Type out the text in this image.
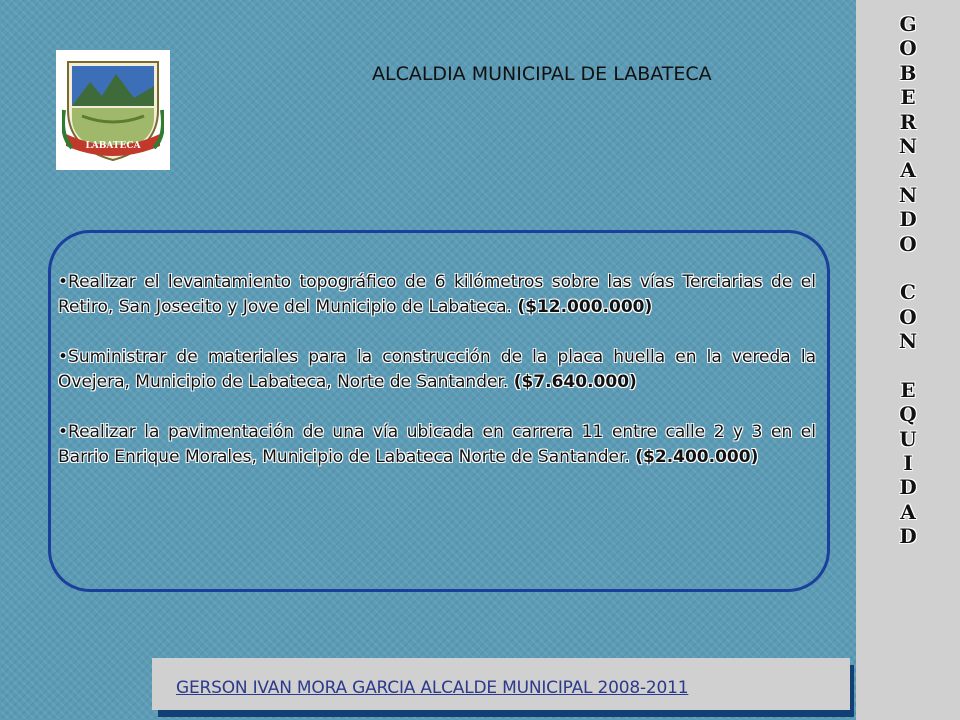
G
O
B
E
R
N
A
N
D
O
C
O
N
E
Q
U
I
D
A
D
LABATECA
ALCALDIA MUNICIPAL DE LABATECA
•Realizar el levantamiento topográfico de 6 kilómetros sobre las vías Terciarias de el Retiro, San Josecito y Jove del Municipio de Labateca. ($12.000.000)
•Suministrar de materiales para la construcción de la placa huella en la vereda la Ovejera, Municipio de Labateca, Norte de Santander. ($7.640.000)
•Realizar la pavimentación de una vía ubicada en carrera 11 entre calle 2 y 3 en el Barrio Enrique Morales, Municipio de Labateca Norte de Santander. ($2.400.000)
GERSON IVAN MORA GARCIA ALCALDE MUNICIPAL 2008-2011
